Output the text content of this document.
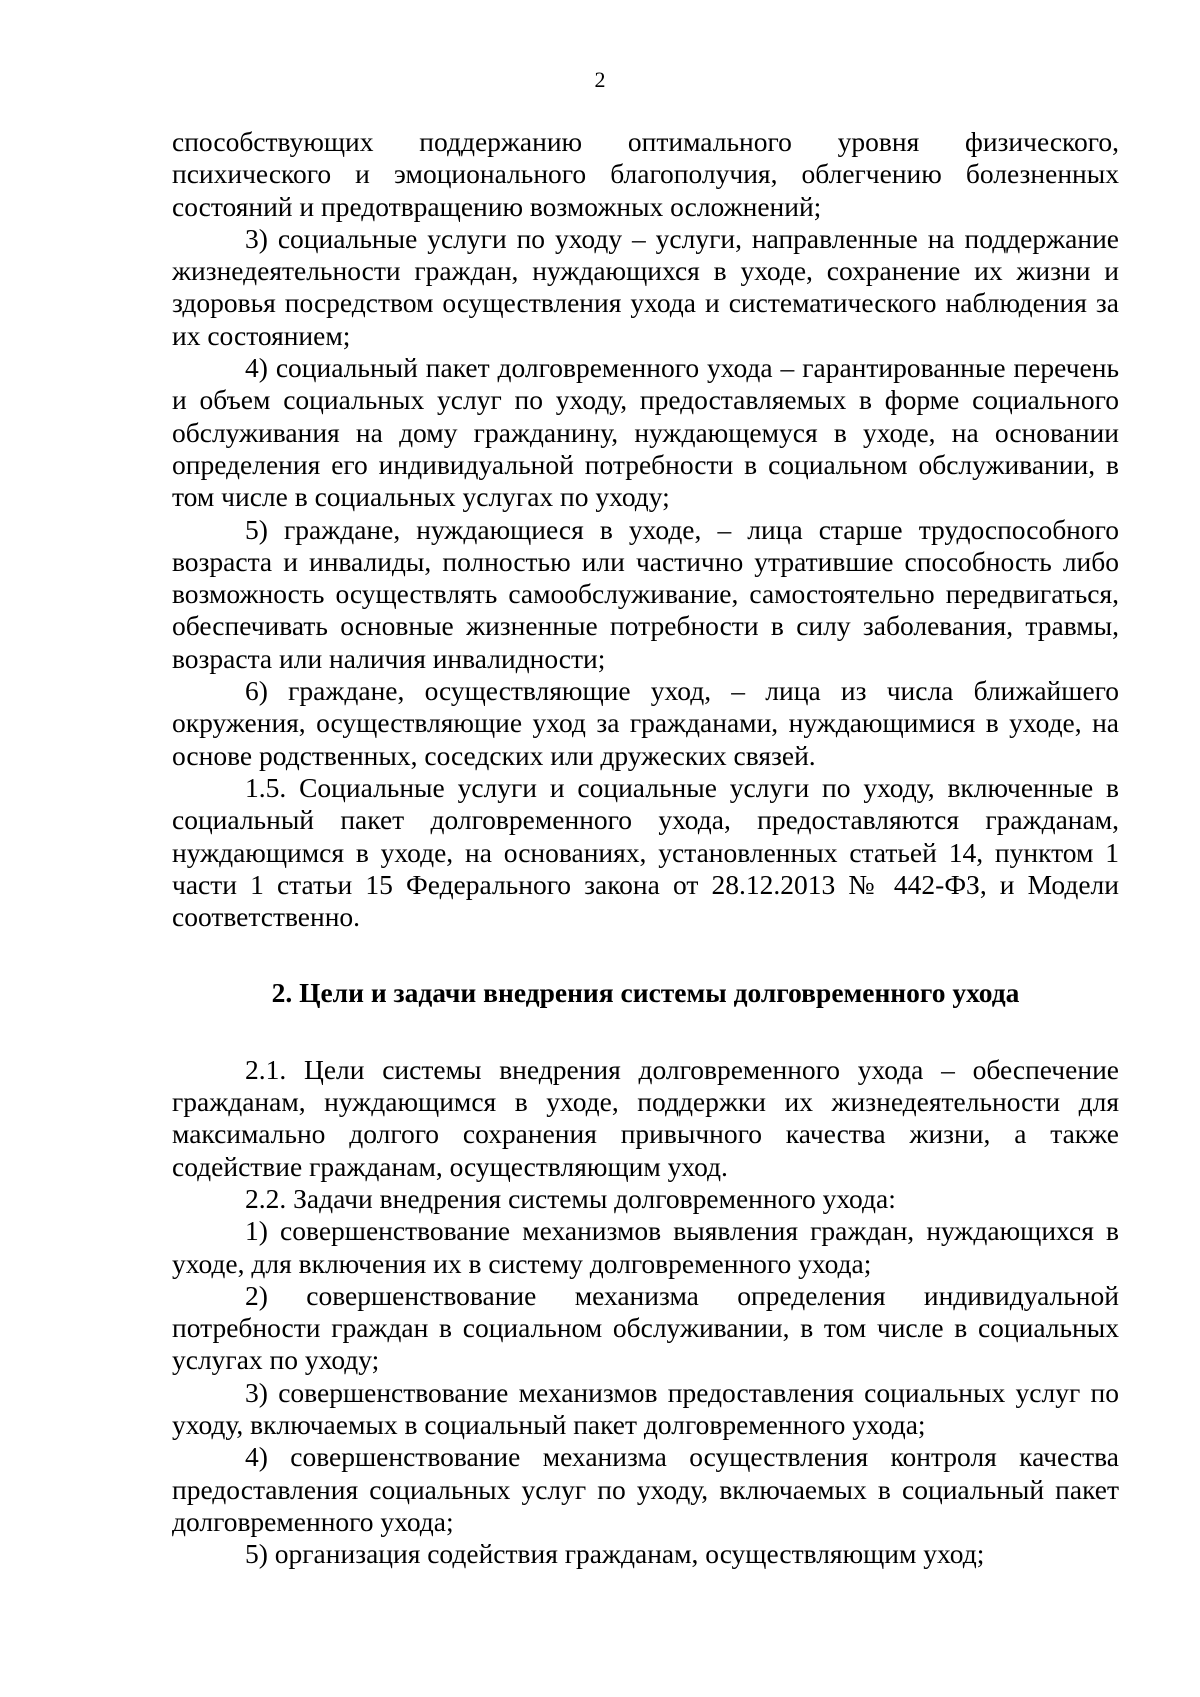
2

способствующих поддержанию оптимального уровня физического, психического и эмоционального благополучия, облегчению болезненных состояний и предотвращению возможных осложнений;

3) социальные услуги по уходу – услуги, направленные на поддержание жизнедеятельности граждан, нуждающихся в уходе, сохранение их жизни и здоровья посредством осуществления ухода и систематического наблюдения за их состоянием;

4) социальный пакет долговременного ухода – гарантированные перечень и объем социальных услуг по уходу, предоставляемых в форме социального обслуживания на дому гражданину, нуждающемуся в уходе, на основании определения его индивидуальной потребности в социальном обслуживании, в том числе в социальных услугах по уходу;

5) граждане, нуждающиеся в уходе, – лица старше трудоспособного возраста и инвалиды, полностью или частично утратившие способность либо возможность осуществлять самообслуживание, самостоятельно передвигаться, обеспечивать основные жизненные потребности в силу заболевания, травмы, возраста или наличия инвалидности;

6) граждане, осуществляющие уход, – лица из числа ближайшего окружения, осуществляющие уход за гражданами, нуждающимися в уходе, на основе родственных, соседских или дружеских связей.

1.5. Социальные услуги и социальные услуги по уходу, включенные в социальный пакет долговременного ухода, предоставляются гражданам, нуждающимся в уходе, на основаниях, установленных статьей 14, пунктом 1 части 1 статьи 15 Федерального закона от 28.12.2013 № 442-ФЗ, и Модели соответственно.

2. Цели и задачи внедрения системы долговременного ухода

2.1. Цели системы внедрения долговременного ухода – обеспечение гражданам, нуждающимся в уходе, поддержки их жизнедеятельности для максимально долгого сохранения привычного качества жизни, а также содействие гражданам, осуществляющим уход.

2.2. Задачи внедрения системы долговременного ухода:

1) совершенствование механизмов выявления граждан, нуждающихся в уходе, для включения их в систему долговременного ухода;

2) совершенствование механизма определения индивидуальной потребности граждан в социальном обслуживании, в том числе в социальных услугах по уходу;

3) совершенствование механизмов предоставления социальных услуг по уходу, включаемых в социальный пакет долговременного ухода;

4) совершенствование механизма осуществления контроля качества предоставления социальных услуг по уходу, включаемых в социальный пакет долговременного ухода;

5) организация содействия гражданам, осуществляющим уход;
